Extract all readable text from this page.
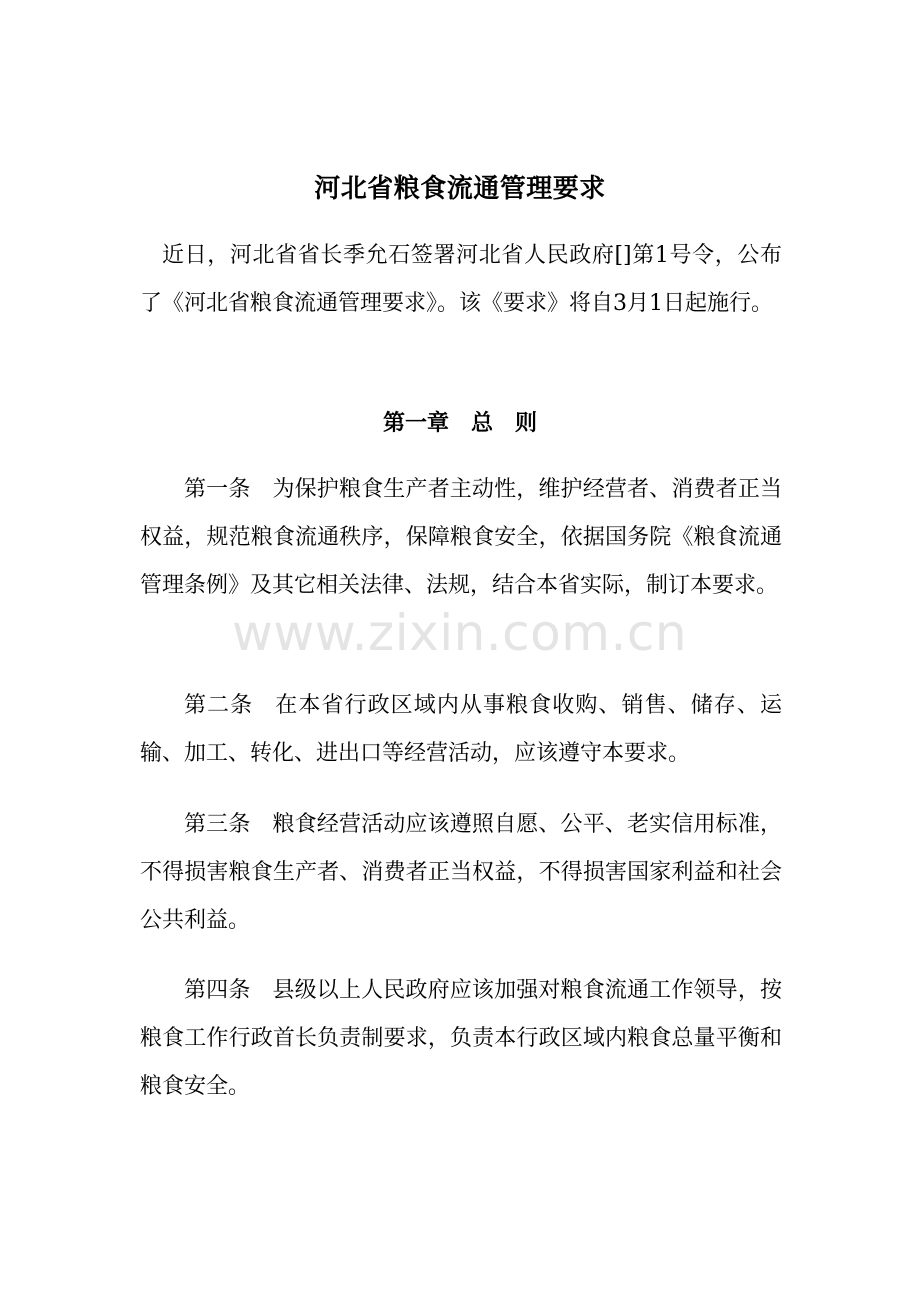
www.zixin.com.cn
河北省粮食流通管理要求

近日，河北省省长季允石签署河北省人民政府[]第1号令，公布了《河北省粮食流通管理要求》。该《要求》将自3月1日起施行。

第一章　总　则

第一条 为保护粮食生产者主动性，维护经营者、消费者正当权益，规范粮食流通秩序，保障粮食安全，依据国务院《粮食流通管理条例》及其它相关法律、法规，结合本省实际，制订本要求。

第二条 在本省行政区域内从事粮食收购、销售、储存、运输、加工、转化、进出口等经营活动，应该遵守本要求。

第三条 粮食经营活动应该遵照自愿、公平、老实信用标准，不得损害粮食生产者、消费者正当权益，不得损害国家利益和社会公共利益。

第四条 县级以上人民政府应该加强对粮食流通工作领导，按粮食工作行政首长负责制要求，负责本行政区域内粮食总量平衡和粮食安全。
